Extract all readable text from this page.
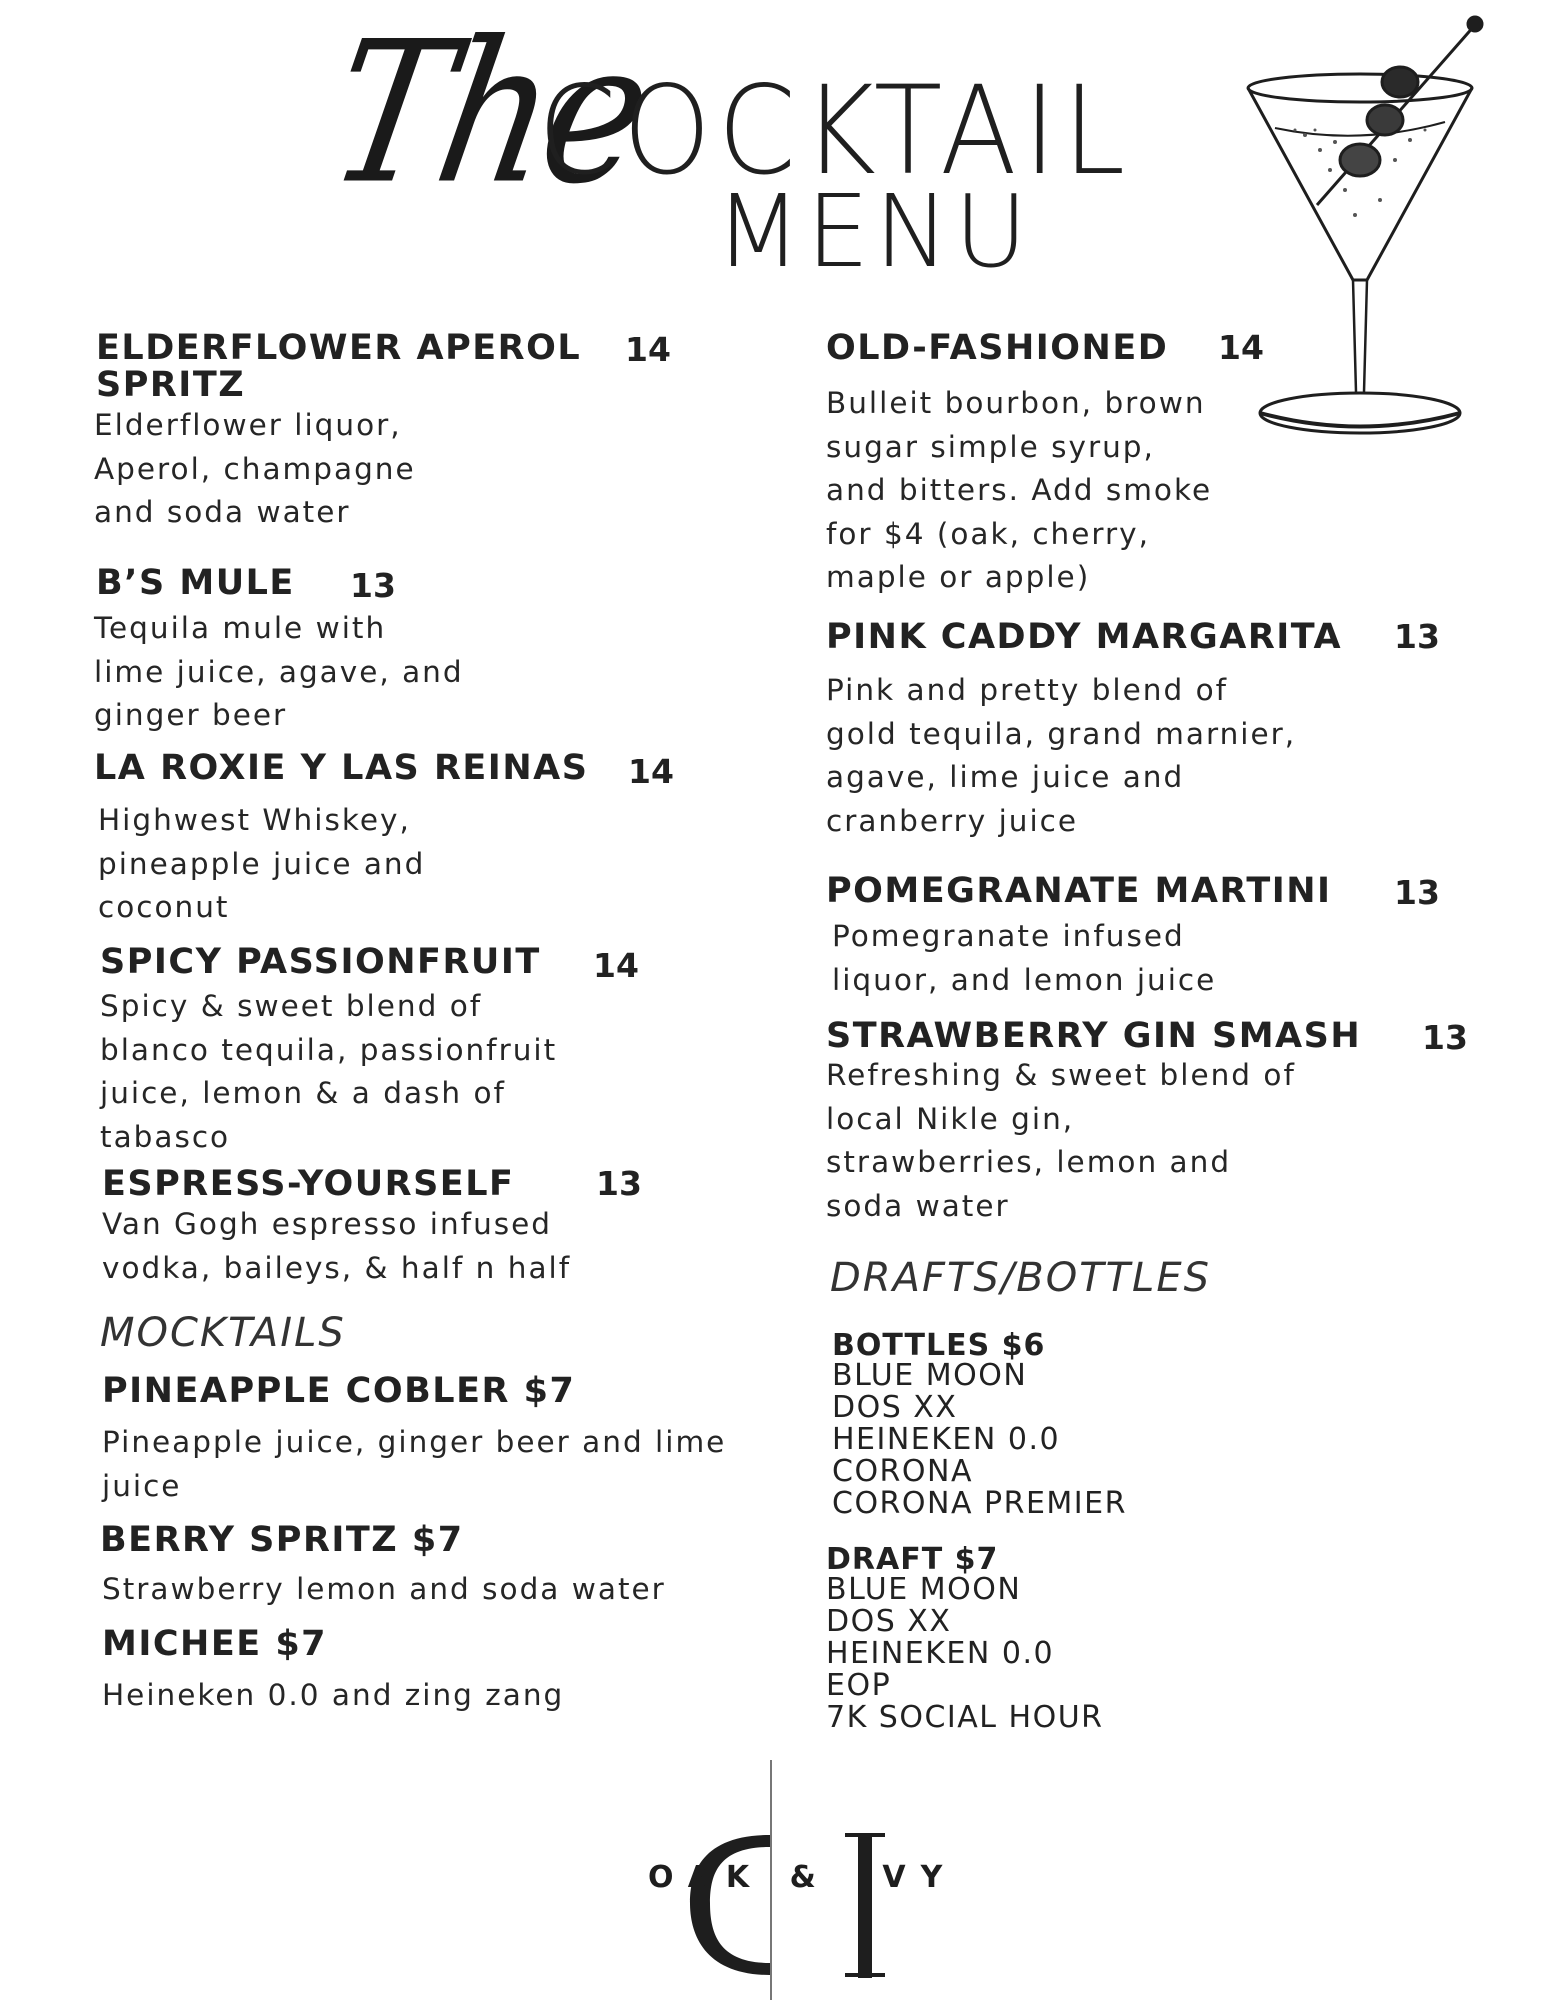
The
COCKTAIL
MENU
ELDERFLOWER APEROL
SPRITZ
14
Elderflower liquor,
Aperol, champagne
and soda water
B’S MULE 13
Tequila mule with
lime juice, agave, and
ginger beer
LA ROXIE Y LAS REINAS 14
Highwest Whiskey,
pineapple juice and
coconut
SPICY PASSIONFRUIT 14
Spicy & sweet blend of
blanco tequila, passionfruit
juice, lemon & a dash of
tabasco
ESPRESS-YOURSELF 13
Van Gogh espresso infused
vodka, baileys, & half n half
MOCKTAILS
PINEAPPLE COBLER $7
Pineapple juice, ginger beer and lime
juice
BERRY SPRITZ $7
Strawberry lemon and soda water
MICHEE $7
Heineken 0.0 and zing zang
OLD-FASHIONED 14
Bulleit bourbon, brown
sugar simple syrup,
and bitters. Add smoke
for $4 (oak, cherry,
maple or apple)
PINK CADDY MARGARITA 13
Pink and pretty blend of
gold tequila, grand marnier,
agave, lime juice and
cranberry juice
POMEGRANATE MARTINI 13
Pomegranate infused
liquor, and lemon juice
STRAWBERRY GIN SMASH 13
Refreshing & sweet blend of
local Nikle gin,
strawberries, lemon and
soda water
DRAFTS/BOTTLES
BOTTLES $6
BLUE MOON
DOS XX
HEINEKEN 0.0
CORONA
CORONA PREMIER
DRAFT $7
BLUE MOON
DOS XX
HEINEKEN 0.0
EOP
7K SOCIAL HOUR
OAK & IVY
